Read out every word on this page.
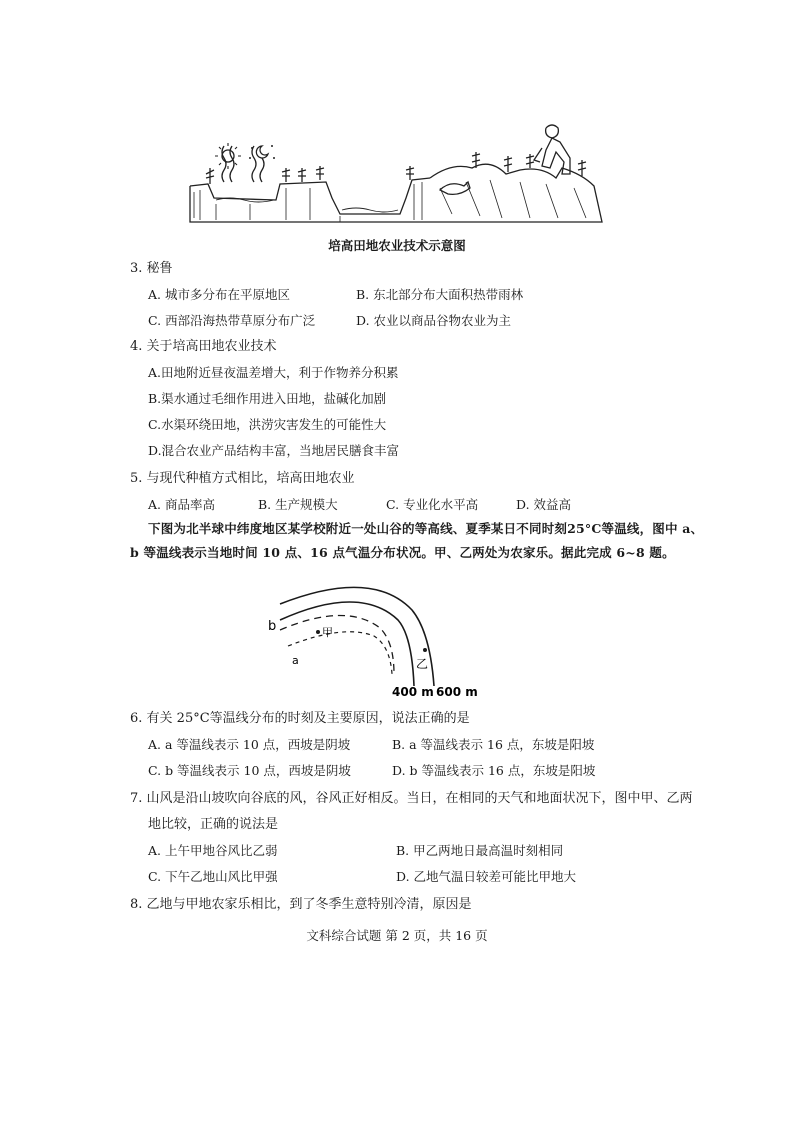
培高田地农业技术示意图
3. 秘鲁
A. 城市多分布在平原地区	B. 东北部分布大面积热带雨林
C. 西部沿海热带草原分布广泛	D. 农业以商品谷物农业为主
4. 关于培高田地农业技术
A.田地附近昼夜温差增大，利于作物养分积累
B.渠水通过毛细作用进入田地，盐碱化加剧
C.水渠环绕田地，洪涝灾害发生的可能性大
D.混合农业产品结构丰富，当地居民膳食丰富
5. 与现代种植方式相比，培高田地农业
A. 商品率高	B. 生产规模大	C. 专业化水平高	D. 效益高
下图为北半球中纬度地区某学校附近一处山谷的等高线、夏季某日不同时刻25°C等温线，图中 a、
b 等温线表示当地时间 10 点、16 点气温分布状况。甲、乙两处为农家乐。据此完成 6~8 题。
b
a
甲
乙
400 m 600 m
6. 有关 25°C等温线分布的时刻及主要原因，说法正确的是
A. a 等温线表示 10 点，西坡是阴坡	B. a 等温线表示 16 点，东坡是阳坡
C. b 等温线表示 10 点，西坡是阴坡	D. b 等温线表示 16 点，东坡是阳坡
7. 山风是沿山坡吹向谷底的风，谷风正好相反。当日，在相同的天气和地面状况下，图中甲、乙两
地比较，正确的说法是
A. 上午甲地谷风比乙弱	B. 甲乙两地日最高温时刻相同
C. 下午乙地山风比甲强	D. 乙地气温日较差可能比甲地大
8. 乙地与甲地农家乐相比，到了冬季生意特别冷清，原因是
文科综合试题 第 2 页，共 16 页
